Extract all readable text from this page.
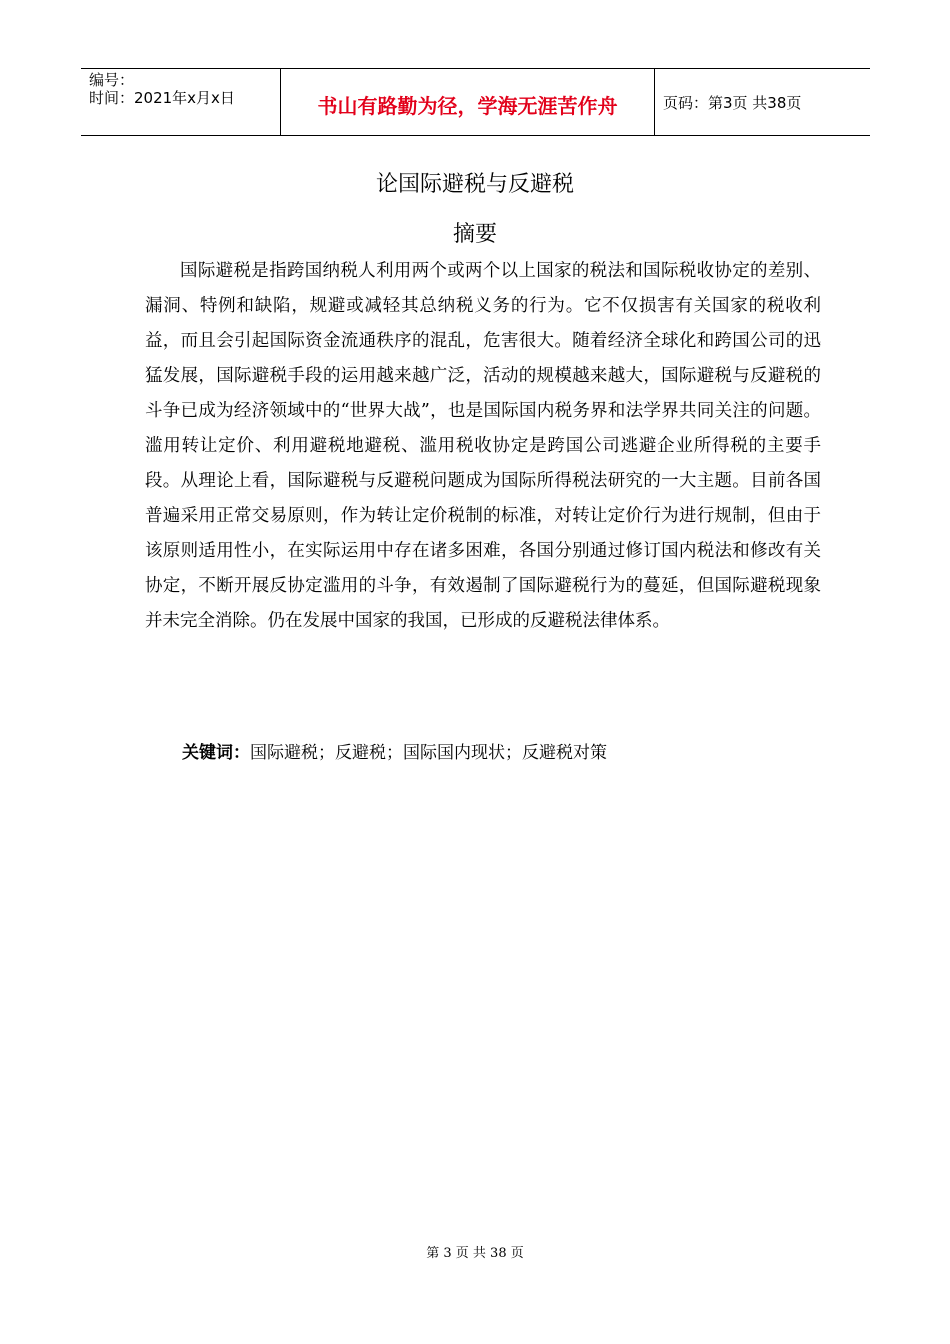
编号：
时间：2021年x月x日	书山有路勤为径，学海无涯苦作舟	页码：第3页 共38页
论国际避税与反避税
摘要

国际避税是指跨国纳税人利用两个或两个以上国家的税法和国际税收协定的差别、漏洞、特例和缺陷，规避或减轻其总纳税义务的行为。它不仅损害有关国家的税收利益，而且会引起国际资金流通秩序的混乱，危害很大。随着经济全球化和跨国公司的迅猛发展，国际避税手段的运用越来越广泛，活动的规模越来越大，国际避税与反避税的斗争已成为经济领域中的“世界大战”，也是国际国内税务界和法学界共同关注的问题。 滥用转让定价、利用避税地避税、滥用税收协定是跨国公司逃避企业所得税的主要手段。从理论上看，国际避税与反避税问题成为国际所得税法研究的一大主题。目前各国普遍采用正常交易原则，作为转让定价税制的标准，对转让定价行为进行规制，但由于该原则适用性小，在实际运用中存在诸多困难，各国分别通过修订国内税法和修改有关协定，不断开展反协定滥用的斗争，有效遏制了国际避税行为的蔓延，但国际避税现象并未完全消除。仍在发展中国家的我国，已形成的反避税法律体系。

关键词：国际避税；反避税；国际国内现状；反避税对策
第 3 页 共 38 页
